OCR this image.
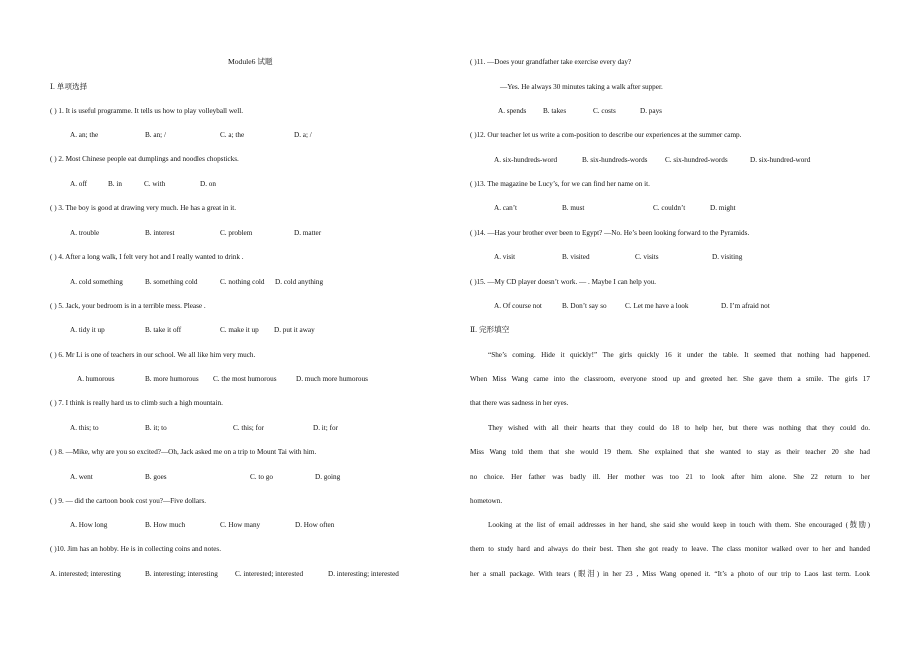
Module6 试题
Ⅰ. 单项选择
( ) 1. It is useful programme. It tells us how to play volleyball well.
A. an; the	B. an; /	C. a; the	D. a; /
( ) 2. Most Chinese people eat dumplings and noodles chopsticks.
A. off	B. in	C. with	D. on
( ) 3. The boy is good at drawing very much. He has a great in it.
A. trouble	B. interest	C. problem	D. matter
( ) 4. After a long walk, I felt very hot and I really wanted to drink .
A. cold something	B. something cold	C. nothing cold D. cold anything
( ) 5. Jack, your bedroom is in a terrible mess. Please .
A. tidy it up	B. take it off	C. make it up D. put it away
( ) 6. Mr Li is one of teachers in our school. We all like him very much.
A. humorous	B. more humorous C. the most humorous	D. much more humorous
( ) 7. I think is really hard us to climb such a high mountain.
A. this; to	B. it; to	C. this; for	D. it; for
( ) 8. —Mike, why are you so excited?—Oh, Jack asked me on a trip to Mount Tai with him.
A. went	B. goes	C. to go	D. going
( ) 9. — did the cartoon book cost you?—Five dollars.
A. How long	B. How much	C. How many	D. How often
( )10. Jim has an hobby. He is in collecting coins and notes.
A. interested; interesting	B. interesting; interesting C. interested; interested	D. interesting; interested
( )11. —Does your grandfather take exercise every day?
—Yes. He always 30 minutes taking a walk after supper.
A. spends B. takes	C. costs	D. pays
( )12. Our teacher let us write a com-position to describe our experiences at the summer camp.
A. six-hundreds-word	B. six-hundreds-words C. six-hundred-words	D. six-hundred-word
( )13. The magazine be Lucy’s, for we can find her name on it.
A. can’t	B. must	C. couldn’t	D. might
( )14. —Has your brother ever been to Egypt? —No. He’s been looking forward to the Pyramids.
A. visit	B. visited	C. visits	D. visiting
( )15. —My CD player doesn’t work. — . Maybe I can help you.
A. Of course not	B. Don’t say so	C. Let me have a look	D. I’m afraid not
Ⅱ. 完形填空
“She’s coming. Hide it quickly!” The girls quickly 16 it under the table. It seemed that nothing had happened.
When Miss Wang came into the classroom, everyone stood up and greeted her. She gave them a smile. The girls 17
that there was sadness in her eyes.
They wished with all their hearts that they could do 18 to help her, but there was nothing that they could do.
Miss Wang told them that she would 19 them. She explained that she wanted to stay as their teacher 20 she had
no choice. Her father was badly ill. Her mother was too 21 to look after him alone. She 22 return to her
hometown.
Looking at the list of email addresses in her hand, she said she would keep in touch with them. She encouraged (鼓励)
them to study hard and always do their best. Then she got ready to leave. The class monitor walked over to her and handed
her a small package. With tears (眼泪) in her 23 , Miss Wang opened it. “It’s a photo of our trip to Laos last term. Look
